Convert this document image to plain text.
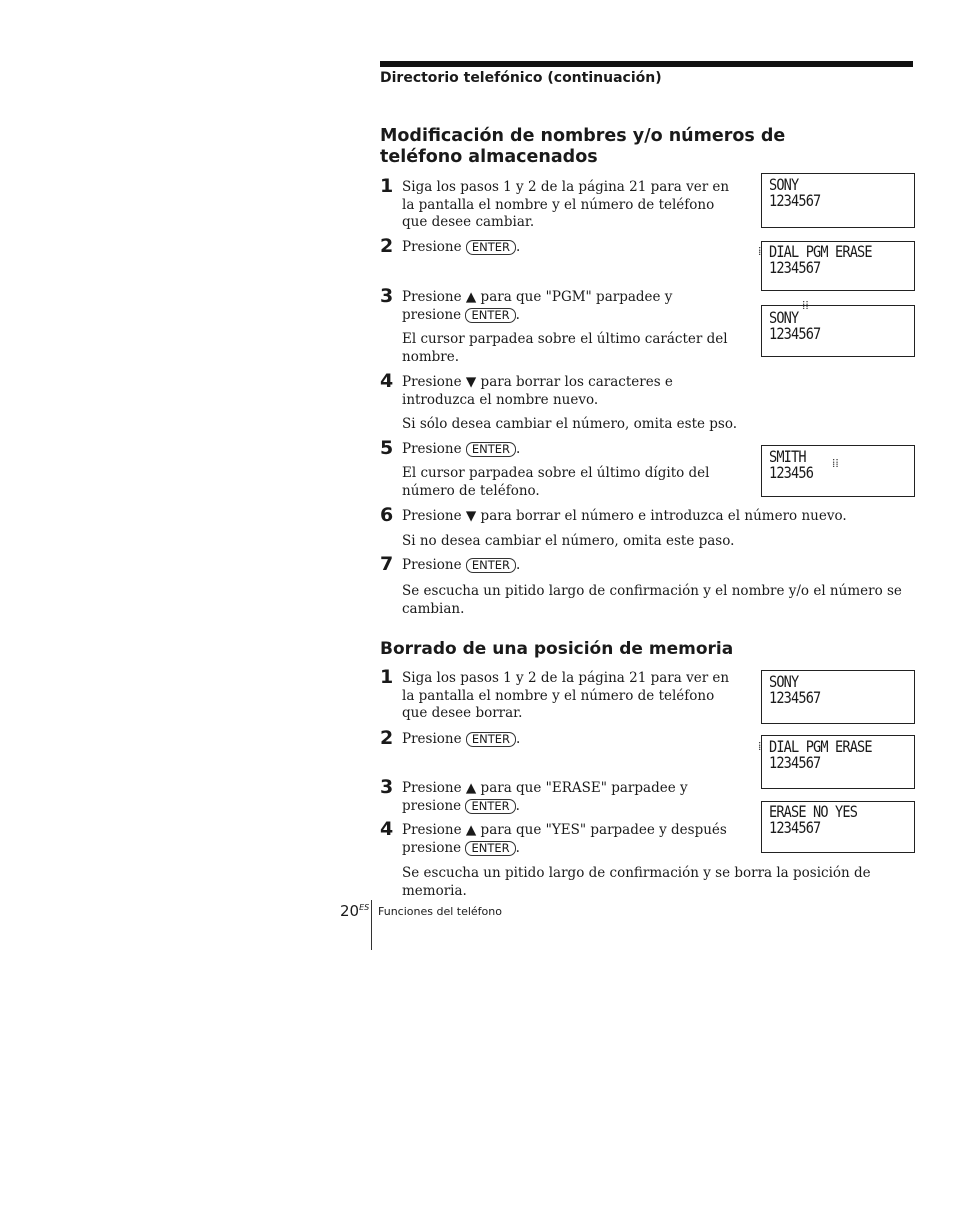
Directorio telefónico (continuación)
Modificación de nombres y/o números de teléfono almacenados
1 Siga los pasos 1 y 2 de la página 21 para ver en la pantalla el nombre y el número de teléfono que desee cambiar.
2 Presione ENTER .
3 Presione ▲ para que "PGM" parpadee y presione ENTER .
El cursor parpadea sobre el último carácter del nombre.
4 Presione ▼ para borrar los caracteres e introduzca el nombre nuevo.
Si sólo desea cambiar el número, omita este pso.
5 Presione ENTER .
El cursor parpadea sobre el último dígito del número de teléfono.
6 Presione ▼ para borrar el número e introduzca el número nuevo.
Si no desea cambiar el número, omita este paso.
7 Presione ENTER .
Se escucha un pitido largo de confirmación y el nombre y/o el número se cambian.
SONY
1234567
DIAL PGM ERASE
1234567
⁞
SONY
1234567
⁞⁞
SMITH
123456 ⁞⁞
Borrado de una posición de memoria
1 Siga los pasos 1 y 2 de la página 21 para ver en la pantalla el nombre y el número de teléfono que desee borrar.
2 Presione ENTER .
3 Presione ▲ para que "ERASE" parpadee y presione ENTER .
4 Presione ▲ para que "YES" parpadee y después presione ENTER .
Se escucha un pitido largo de confirmación y se borra la posición de memoria.
SONY
1234567
DIAL PGM ERASE
1234567
⁞
ERASE NO YES
1234567
$20^{ES}$ Funciones del teléfono
